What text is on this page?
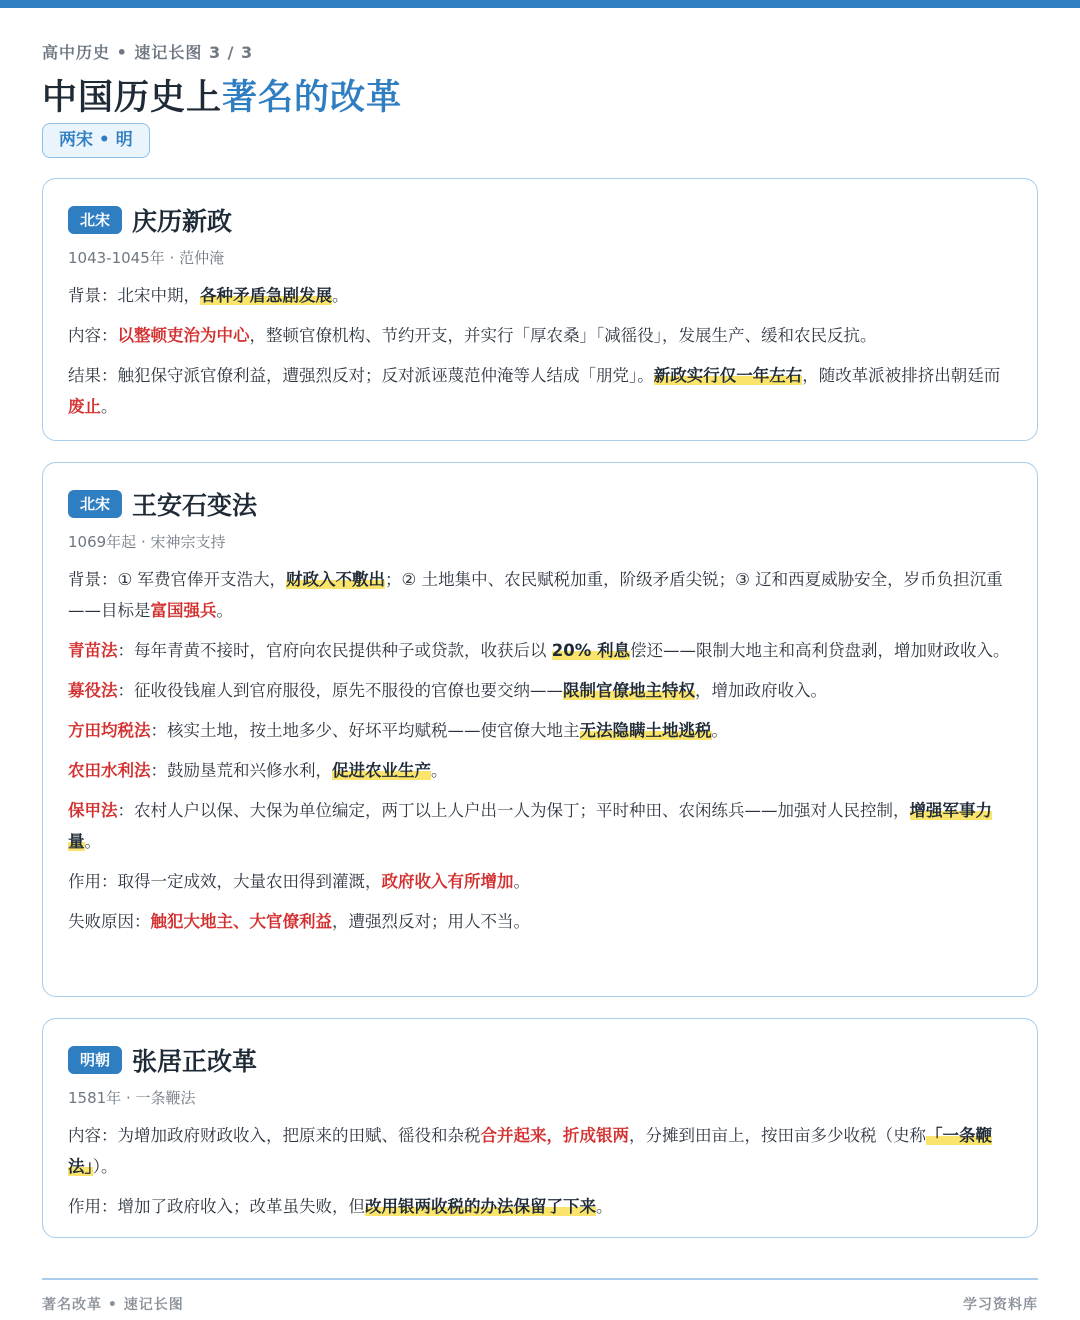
高中历史 • 速记长图 3 / 3
中国历史上著名的改革
两宋 • 明
北宋 庆历新政
1043-1045年 · 范仲淹
背景：北宋中期，各种矛盾急剧发展。
内容：以整顿吏治为中心，整顿官僚机构、节约开支，并实行「厚农桑」「减徭役」，发展生产、缓和农民反抗。
结果：触犯保守派官僚利益，遭强烈反对；反对派诬蔑范仲淹等人结成「朋党」。新政实行仅一年左右，随改革派被排挤出朝廷而废止。
北宋 王安石变法
1069年起 · 宋神宗支持
背景：① 军费官俸开支浩大，财政入不敷出；② 土地集中、农民赋税加重，阶级矛盾尖锐；③ 辽和西夏威胁安全，岁币负担沉重——目标是富国强兵。
青苗法：每年青黄不接时，官府向农民提供种子或贷款，收获后以 20% 利息偿还——限制大地主和高利贷盘剥，增加财政收入。
募役法：征收役钱雇人到官府服役，原先不服役的官僚也要交纳——限制官僚地主特权，增加政府收入。
方田均税法：核实土地，按土地多少、好坏平均赋税——使官僚大地主无法隐瞒土地逃税。
农田水利法：鼓励垦荒和兴修水利，促进农业生产。
保甲法：农村人户以保、大保为单位编定，两丁以上人户出一人为保丁；平时种田、农闲练兵——加强对人民控制，增强军事力量。
作用：取得一定成效，大量农田得到灌溉，政府收入有所增加。
失败原因：触犯大地主、大官僚利益，遭强烈反对；用人不当。
明朝 张居正改革
1581年 · 一条鞭法
内容：为增加政府财政收入，把原来的田赋、徭役和杂税合并起来，折成银两，分摊到田亩上，按田亩多少收税（史称「一条鞭法」）。
作用：增加了政府收入；改革虽失败，但改用银两收税的办法保留了下来。
著名改革 • 速记长图	学习资料库
